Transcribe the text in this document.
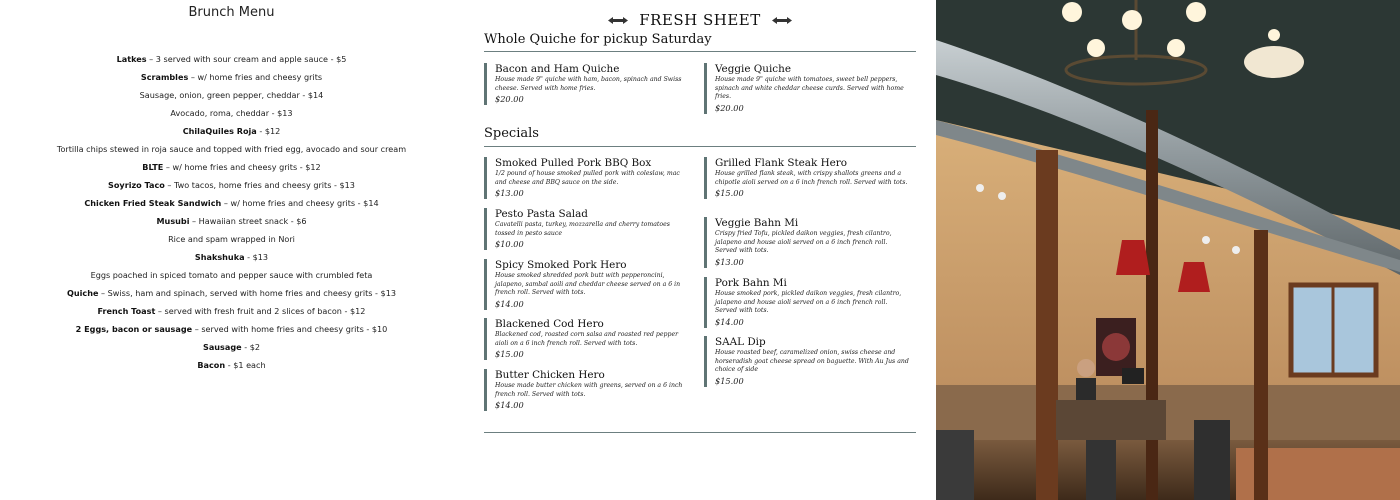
Brunch Menu
Latkes – 3 served with sour cream and apple sauce - $5
Scrambles – w/ home fries and cheesy grits
Sausage, onion, green pepper, cheddar - $14
Avocado, roma, cheddar - $13
ChilaQuiles Roja - $12
Tortilla chips stewed in roja sauce and topped with fried egg, avocado and sour cream
BLTE – w/ home fries and cheesy grits - $12
Soyrizo Taco – Two tacos, home fries and cheesy grits - $13
Chicken Fried Steak Sandwich – w/ home fries and cheesy grits - $14
Musubi – Hawaiian street snack - $6
Rice and spam wrapped in Nori
Shakshuka - $13
Eggs poached in spiced tomato and pepper sauce with crumbled feta
Quiche – Swiss, ham and spinach, served with home fries and cheesy grits - $13
French Toast – served with fresh fruit and 2 slices of bacon - $12
2 Eggs, bacon or sausage – served with home fries and cheesy grits - $10
Sausage - $2
Bacon - $1 each
FRESH SHEET
Whole Quiche for pickup Saturday
Bacon and Ham Quiche
House made 9" quiche with ham, bacon, spinach and Swiss cheese. Served with home fries.
$20.00
Veggie Quiche
House made 9" quiche with tomatoes, sweet bell peppers, spinach and white cheddar cheese curds. Served with home fries.
$20.00
Specials
Smoked Pulled Pork BBQ Box
1/2 pound of house smoked pulled pork with coleslaw, mac and cheese and BBQ sauce on the side.
$13.00
Pesto Pasta Salad
Cavatelli pasta, turkey, mozzarella and cherry tomatoes tossed in pesto sauce
$10.00
Spicy Smoked Pork Hero
House smoked shredded pork butt with pepperoncini, jalapeno, sambal aoili and cheddar cheese served on a 6 in french roll. Served with tots.
$14.00
Blackened Cod Hero
Blackened cod, roasted corn salsa and roasted red pepper aioli on a 6 inch french roll. Served with tots.
$15.00
Butter Chicken Hero
House made butter chicken with greens, served on a 6 inch french roll. Served with tots.
$14.00
Grilled Flank Steak Hero
House grilled flank steak, with crispy shallots greens and a chipotle aioli served on a 6 inch french roll. Served with tots.
$15.00
Veggie Bahn Mi
Crispy fried Tofu, pickled daikon veggies, fresh cilantro, jalapeno and house aioli served on a 6 inch french roll. Served with tots.
$13.00
Pork Bahn Mi
House smoked pork, pickled daikon veggies, fresh cilantro, jalapeno and house aioli served on a 6 inch french roll. Served with tots.
$14.00
SAAL Dip
House roasted beef, caramelized onion, swiss cheese and horseradish goat cheese spread on baguette. With Au Jus and choice of side
$15.00
